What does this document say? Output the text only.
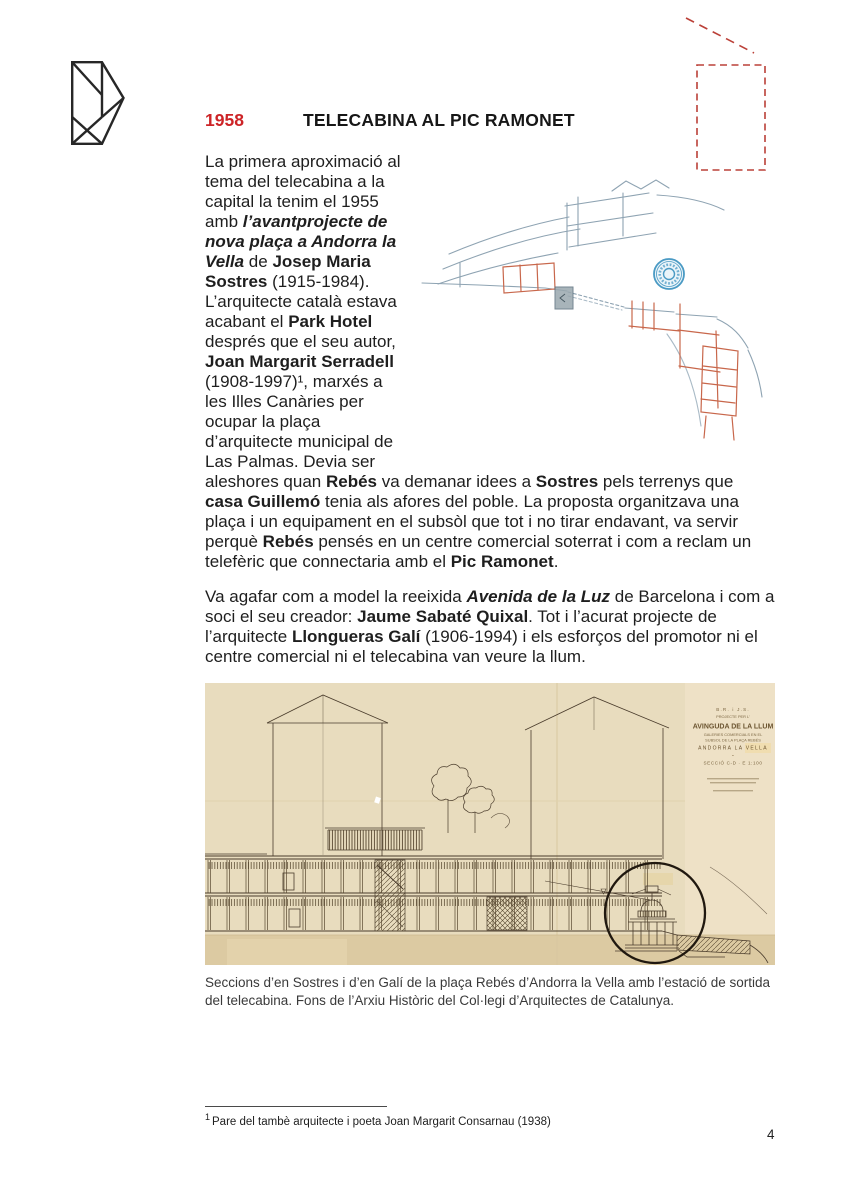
1958	TELECABINA AL PIC RAMONET

La primera aproximació al tema del telecabina a la capital la tenim el 1955 amb l’avantprojecte de nova plaça a Andorra la Vella de Josep Maria Sostres (1915-1984). L’arquitecte català estava acabant el Park Hotel després que el seu autor, Joan Margarit Serradell (1908-1997)¹, marxés a les Illes Canàries per ocupar la plaça d’arquitecte municipal de Las Palmas. Devia ser aleshores quan Rebés va demanar idees a Sostres pels terrenys que casa Guillemó tenia als afores del poble. La proposta organitzava una plaça i un equipament en el subsòl que tot i no tirar endavant, va servir perquè Rebés pensés en un centre comercial soterrat i com a reclam un telefèric que connectaria amb el Pic Ramonet.

Va agafar com a model la reeixida Avenida de la Luz de Barcelona i com a soci el seu creador: Jaume Sabaté Quixal. Tot i l’acurat projecte de l’arquitecte Llongueras Galí (1906-1994) i els esforços del promotor ni el centre comercial ni el telecabina van veure la llum.

B.R. i J.S.
PROJECTE PER L’
AVINGUDA DE LA LLUM
GALERIES COMERCIALS EN EL
SUBSOL DE LA PLAÇA REBÉS
ANDORRA LA VELLA
•
SECCIÓ C-D · E 1:100

Seccions d’en Sostres i d’en Galí de la plaça Rebés d’Andorra la Vella amb l’estació de sortida del telecabina. Fons de l’Arxiu Històric del Col·legi d’Arquitectes de Catalunya.

$^1$ Pare del tambè arquitecte i poeta Joan Margarit Consarnau (1938)
4
